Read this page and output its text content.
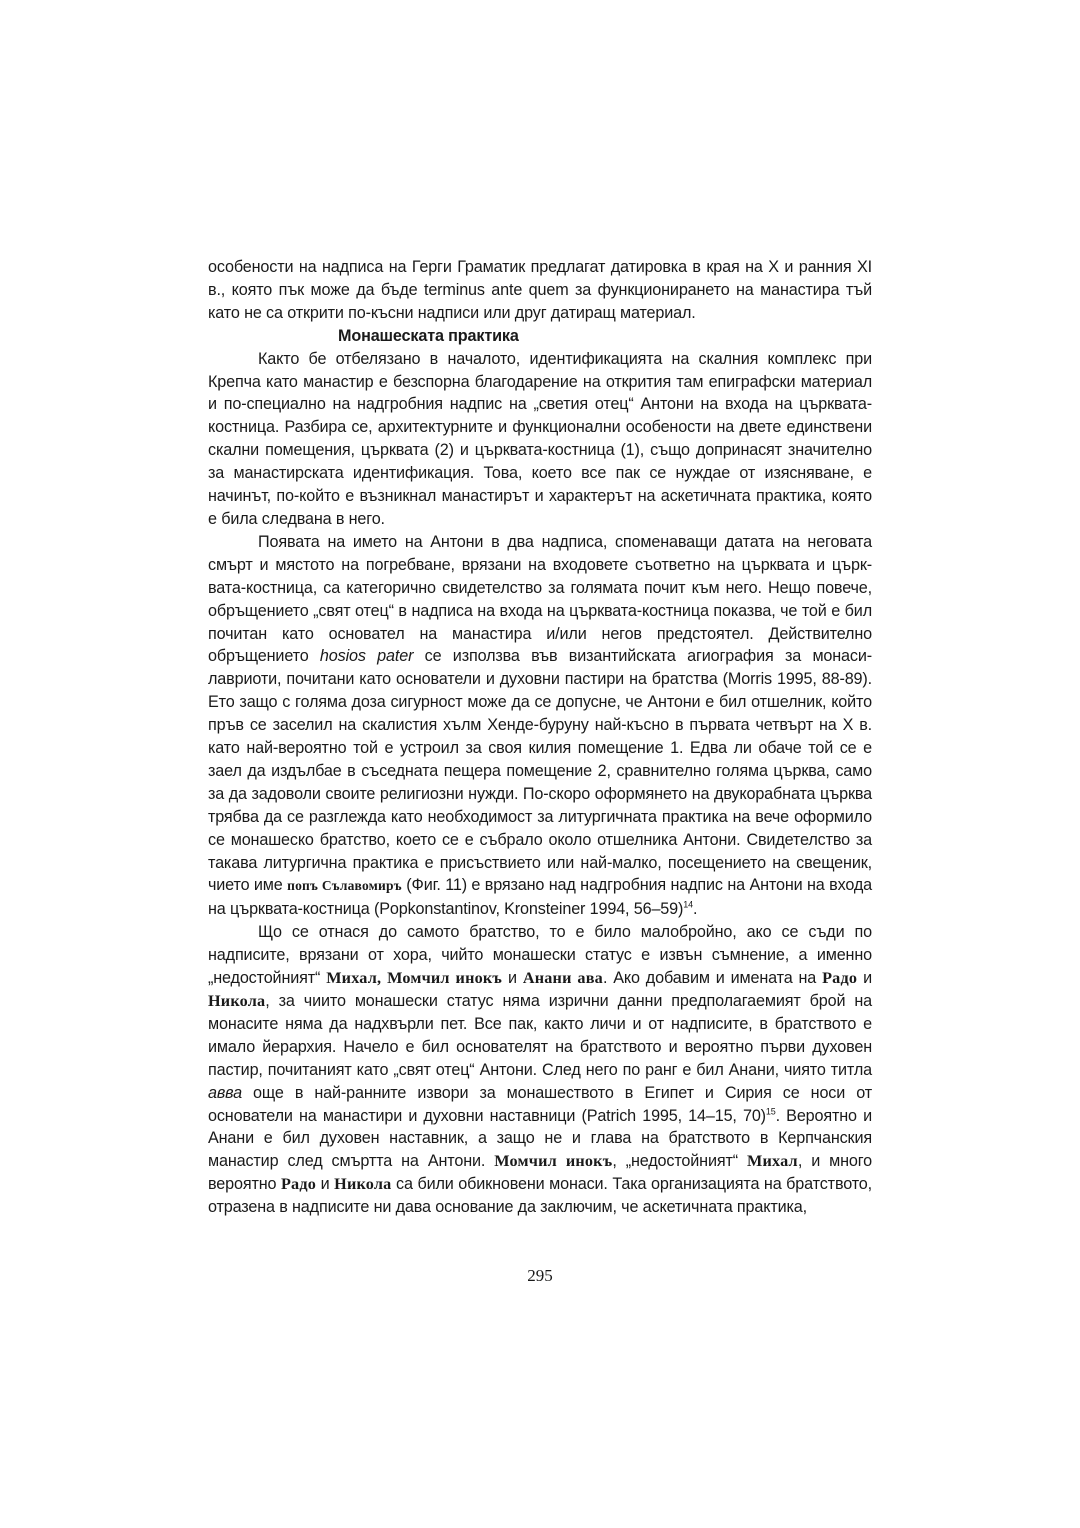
особености на надписа на Герги Граматик предлагат датировка в края на X и ранния XI в., която пък може да бъде terminus ante quem за функционирането на манастира тъй като не са открити по-късни надписи или друг датиращ материал.

Монашеската практика

Както бе отбелязано в началото, идентификацията на скалния комплекс при Крепча като манастир е безспорна благодарение на открития там епиграфски материал и по-специално на надгробния надпис на „светия отец“ Антони на входа на църквата-костница. Разбира се, архитектурните и функционални особености на двете единствени скални помещения, църквата (2) и църквата-костница (1), също допринасят значително за манастирската идентификация. Това, което все пак се нуждае от изясняване, е начинът, по-който е възникнал манастирът и характерът на аскетичната практика, която е била следвана в него.

Появата на името на Антони в два надписа, споменаващи датата на неговата смърт и мястото на погребване, врязани на входовете съответно на църквата и църк- вата-костница, са категорично свидетелство за голямата почит към него. Нещо повече, обръщението „свят отец“ в надписа на входа на църквата-костница показва, че той е бил почитан като основател на манастира и/или негов предстоятел. Действително обръщението hosios pater се използва във византийската агиография за монаси- лавриоти, почитани като основатели и духовни пастири на братства (Morris 1995, 88-89). Ето защо с голяма доза сигурност може да се допусне, че Антони е бил отшелник, който пръв се заселил на скалистия хълм Хенде-буруну най-късно в първата четвърт на X в. като най-вероятно той е устроил за своя килия помещение 1. Едва ли обаче той се е заел да издълбае в съседната пещера помещение 2, сравнително голяма църква, само за да задоволи своите религиозни нужди. По-скоро оформянето на двукорабната църква трябва да се разглежда като необходимост за литургичната практика на вече оформило се монашеско братство, което се е събрало около отшелника Антони. Свидетелство за такава литургична практика е присъствието или най-малко, посещението на свещеник, чието име попъ Сълавомиръ (Фиг. 11) е врязано над надгробния надпис на Антони на входа на църквата-костница (Popkonstantinov, Kronsteiner 1994, 56–59)$^{14}$.

Що се отнася до самото братство, то е било малобройно, ако се съди по надписите, врязани от хора, чийто монашески статус е извън съмнение, а именно „недостойният“ Михал, Момчил инокъ и Анани ава. Ако добавим и имената на Радо и Никола, за чиито монашески статус няма изрични данни предполагаемият брой на монасите няма да надхвърли пет. Все пак, както личи и от надписите, в братството е имало йерархия. Начело е бил основателят на братството и вероятно първи духовен пастир, почитаният като „свят отец“ Антони. След него по ранг е бил Анани, чиято титла авва още в най-ранните извори за монашеството в Египет и Сирия се носи от основатели на манастири и духовни наставници (Patrich 1995, 14–15, 70)$^{15}$. Вероятно и Анани е бил духовен наставник, а защо не и глава на братството в Керпчанския манастир след смъртта на Антони. Момчил инокъ, „недостойният“ Михал, и много вероятно Радо и Никола са били обикновени монаси. Така организацията на братството, отразена в надписите ни дава основание да заключим, че аскетичната практика,

295
